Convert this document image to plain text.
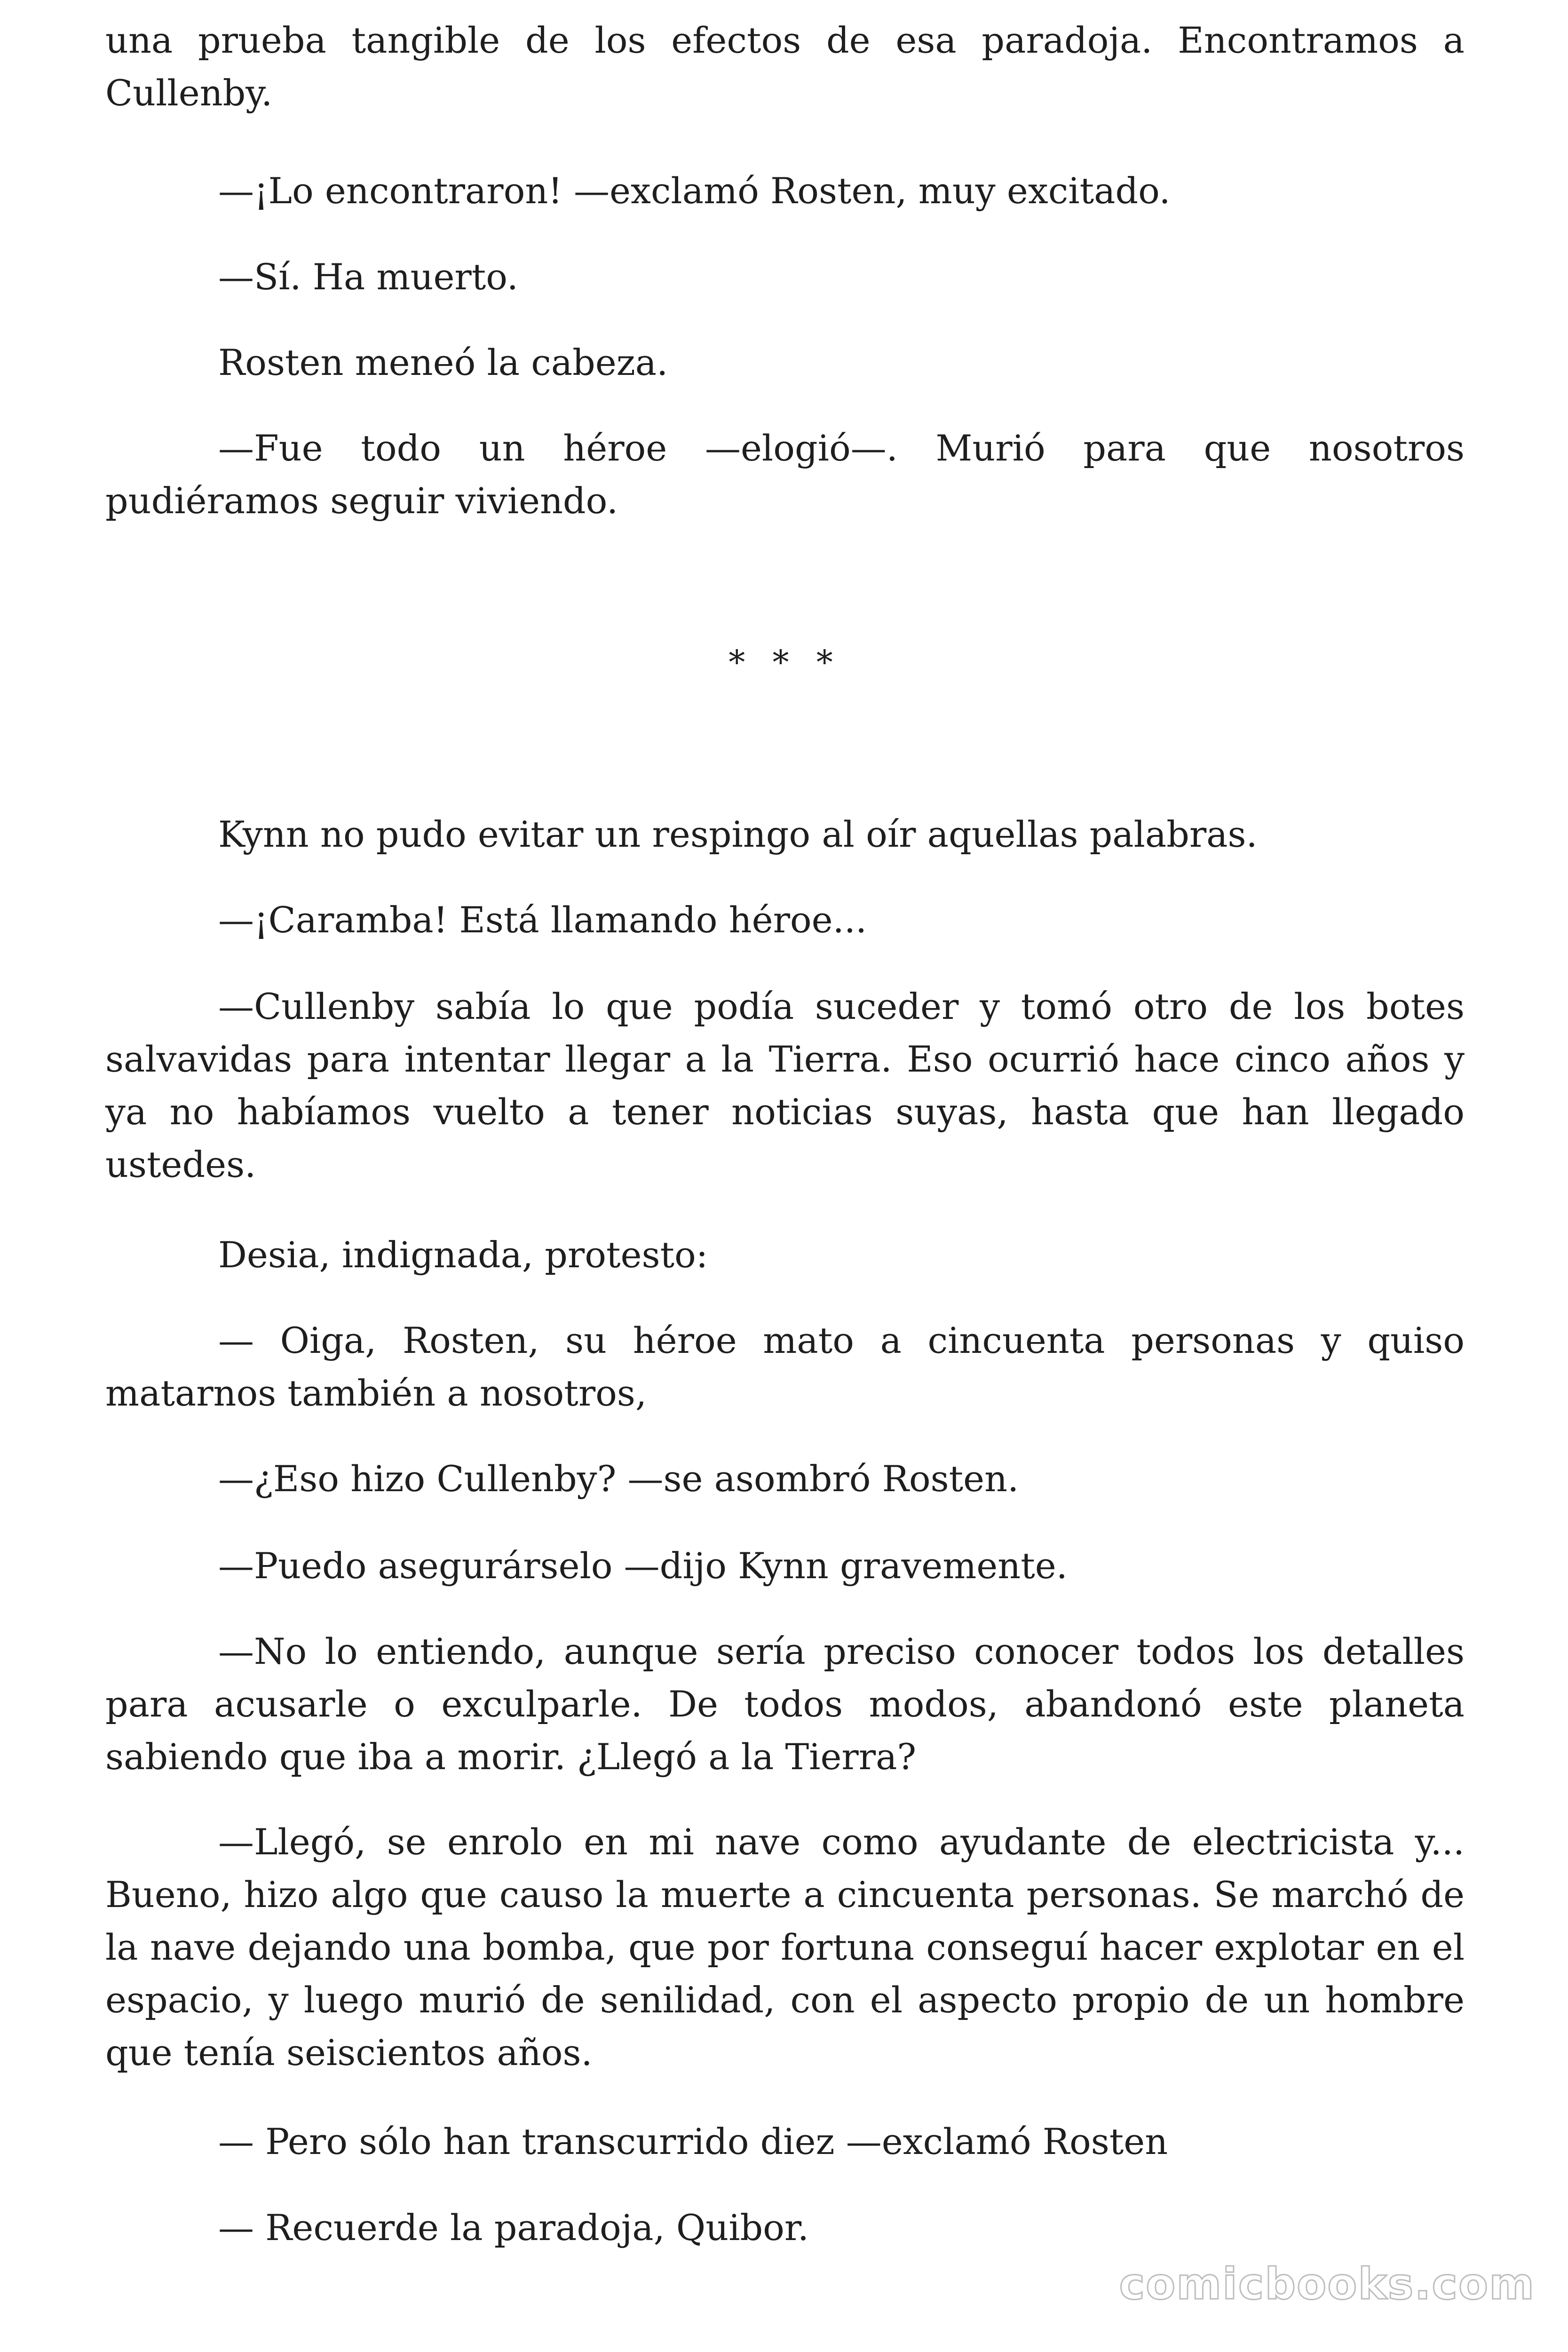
una prueba tangible de los efectos de esa paradoja. Encontramos a Cullenby.

—¡Lo encontraron! —exclamó Rosten, muy excitado.

—Sí. Ha muerto.

Rosten meneó la cabeza.

—Fue todo un héroe —elogió—. Murió para que nosotros pudiéramos seguir viviendo.

* * *

Kynn no pudo evitar un respingo al oír aquellas palabras.

—¡Caramba! Está llamando héroe...

—Cullenby sabía lo que podía suceder y tomó otro de los botes salvavidas para intentar llegar a la Tierra. Eso ocurrió hace cinco años y ya no habíamos vuelto a tener noticias suyas, hasta que han llegado ustedes.

Desia, indignada, protesto:

— Oiga, Rosten, su héroe mato a cincuenta personas y quiso matarnos también a nosotros,

—¿Eso hizo Cullenby? —se asombró Rosten.

—Puedo asegurárselo —dijo Kynn gravemente.

—No lo entiendo, aunque sería preciso conocer todos los detalles para acusarle o exculparle. De todos modos, abandonó este planeta sabiendo que iba a morir. ¿Llegó a la Tierra?

—Llegó, se enrolo en mi nave como ayudante de electricista y... Bueno, hizo algo que causo la muerte a cincuenta personas. Se marchó de la nave dejando una bomba, que por fortuna conseguí hacer explotar en el espacio, y luego murió de senilidad, con el aspecto propio de un hombre que tenía seiscientos años.

— Pero sólo han transcurrido diez —exclamó Rosten

— Recuerde la paradoja, Quibor.

comicbooks.com
